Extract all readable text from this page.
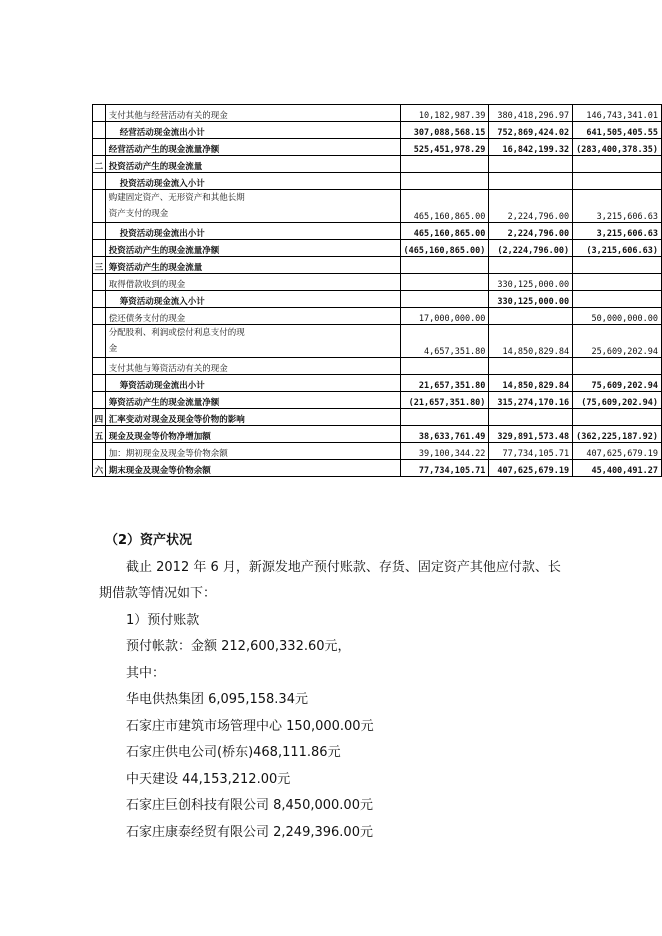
	支付其他与经营活动有关的现金	10,182,987.39	380,418,296.97	146,743,341.01
	经营活动现金流出小计	307,088,568.15	752,869,424.02	641,505,405.55
	经营活动产生的现金流量净额	525,451,978.29	16,842,199.32	(283,400,378.35)
二	投资活动产生的现金流量			
	投资活动现金流入小计			

	购建固定资产、无形资产和其他长期
资产支付的现金	465,160,865.00	2,224,796.00	3,215,606.63
	投资活动现金流出小计	465,160,865.00	2,224,796.00	3,215,606.63
	投资活动产生的现金流量净额	(465,160,865.00)	(2,224,796.00)	(3,215,606.63)
三	筹资活动产生的现金流量			
	取得借款收到的现金		330,125,000.00	
	筹资活动现金流入小计		330,125,000.00	
	偿还债务支付的现金	17,000,000.00		50,000,000.00

	分配股利、利润或偿付利息支付的现
金	4,657,351.80	14,850,829.84	25,609,202.94
	支付其他与筹资活动有关的现金			
	筹资活动现金流出小计	21,657,351.80	14,850,829.84	75,609,202.94
	筹资活动产生的现金流量净额	(21,657,351.80)	315,274,170.16	(75,609,202.94)
四	汇率变动对现金及现金等价物的影响			
五	现金及现金等价物净增加额	38,633,761.49	329,891,573.48	(362,225,187.92)
	加：期初现金及现金等价物余额	39,100,344.22	77,734,105.71	407,625,679.19
六	期末现金及现金等价物余额	77,734,105.71	407,625,679.19	45,400,491.27

（2）资产状况

截止 2012 年 6 月，新源发地产预付账款、存货、固定资产其他应付款、长

期借款等情况如下：

1）预付账款

预付帐款：金额 212,600,332.60元，

其中：

华电供热集团 6,095,158.34元

石家庄市建筑市场管理中心 150,000.00元

石家庄供电公司(桥东)468,111.86元

中天建设 44,153,212.00元

石家庄巨创科技有限公司 8,450,000.00元

石家庄康泰经贸有限公司 2,249,396.00元
